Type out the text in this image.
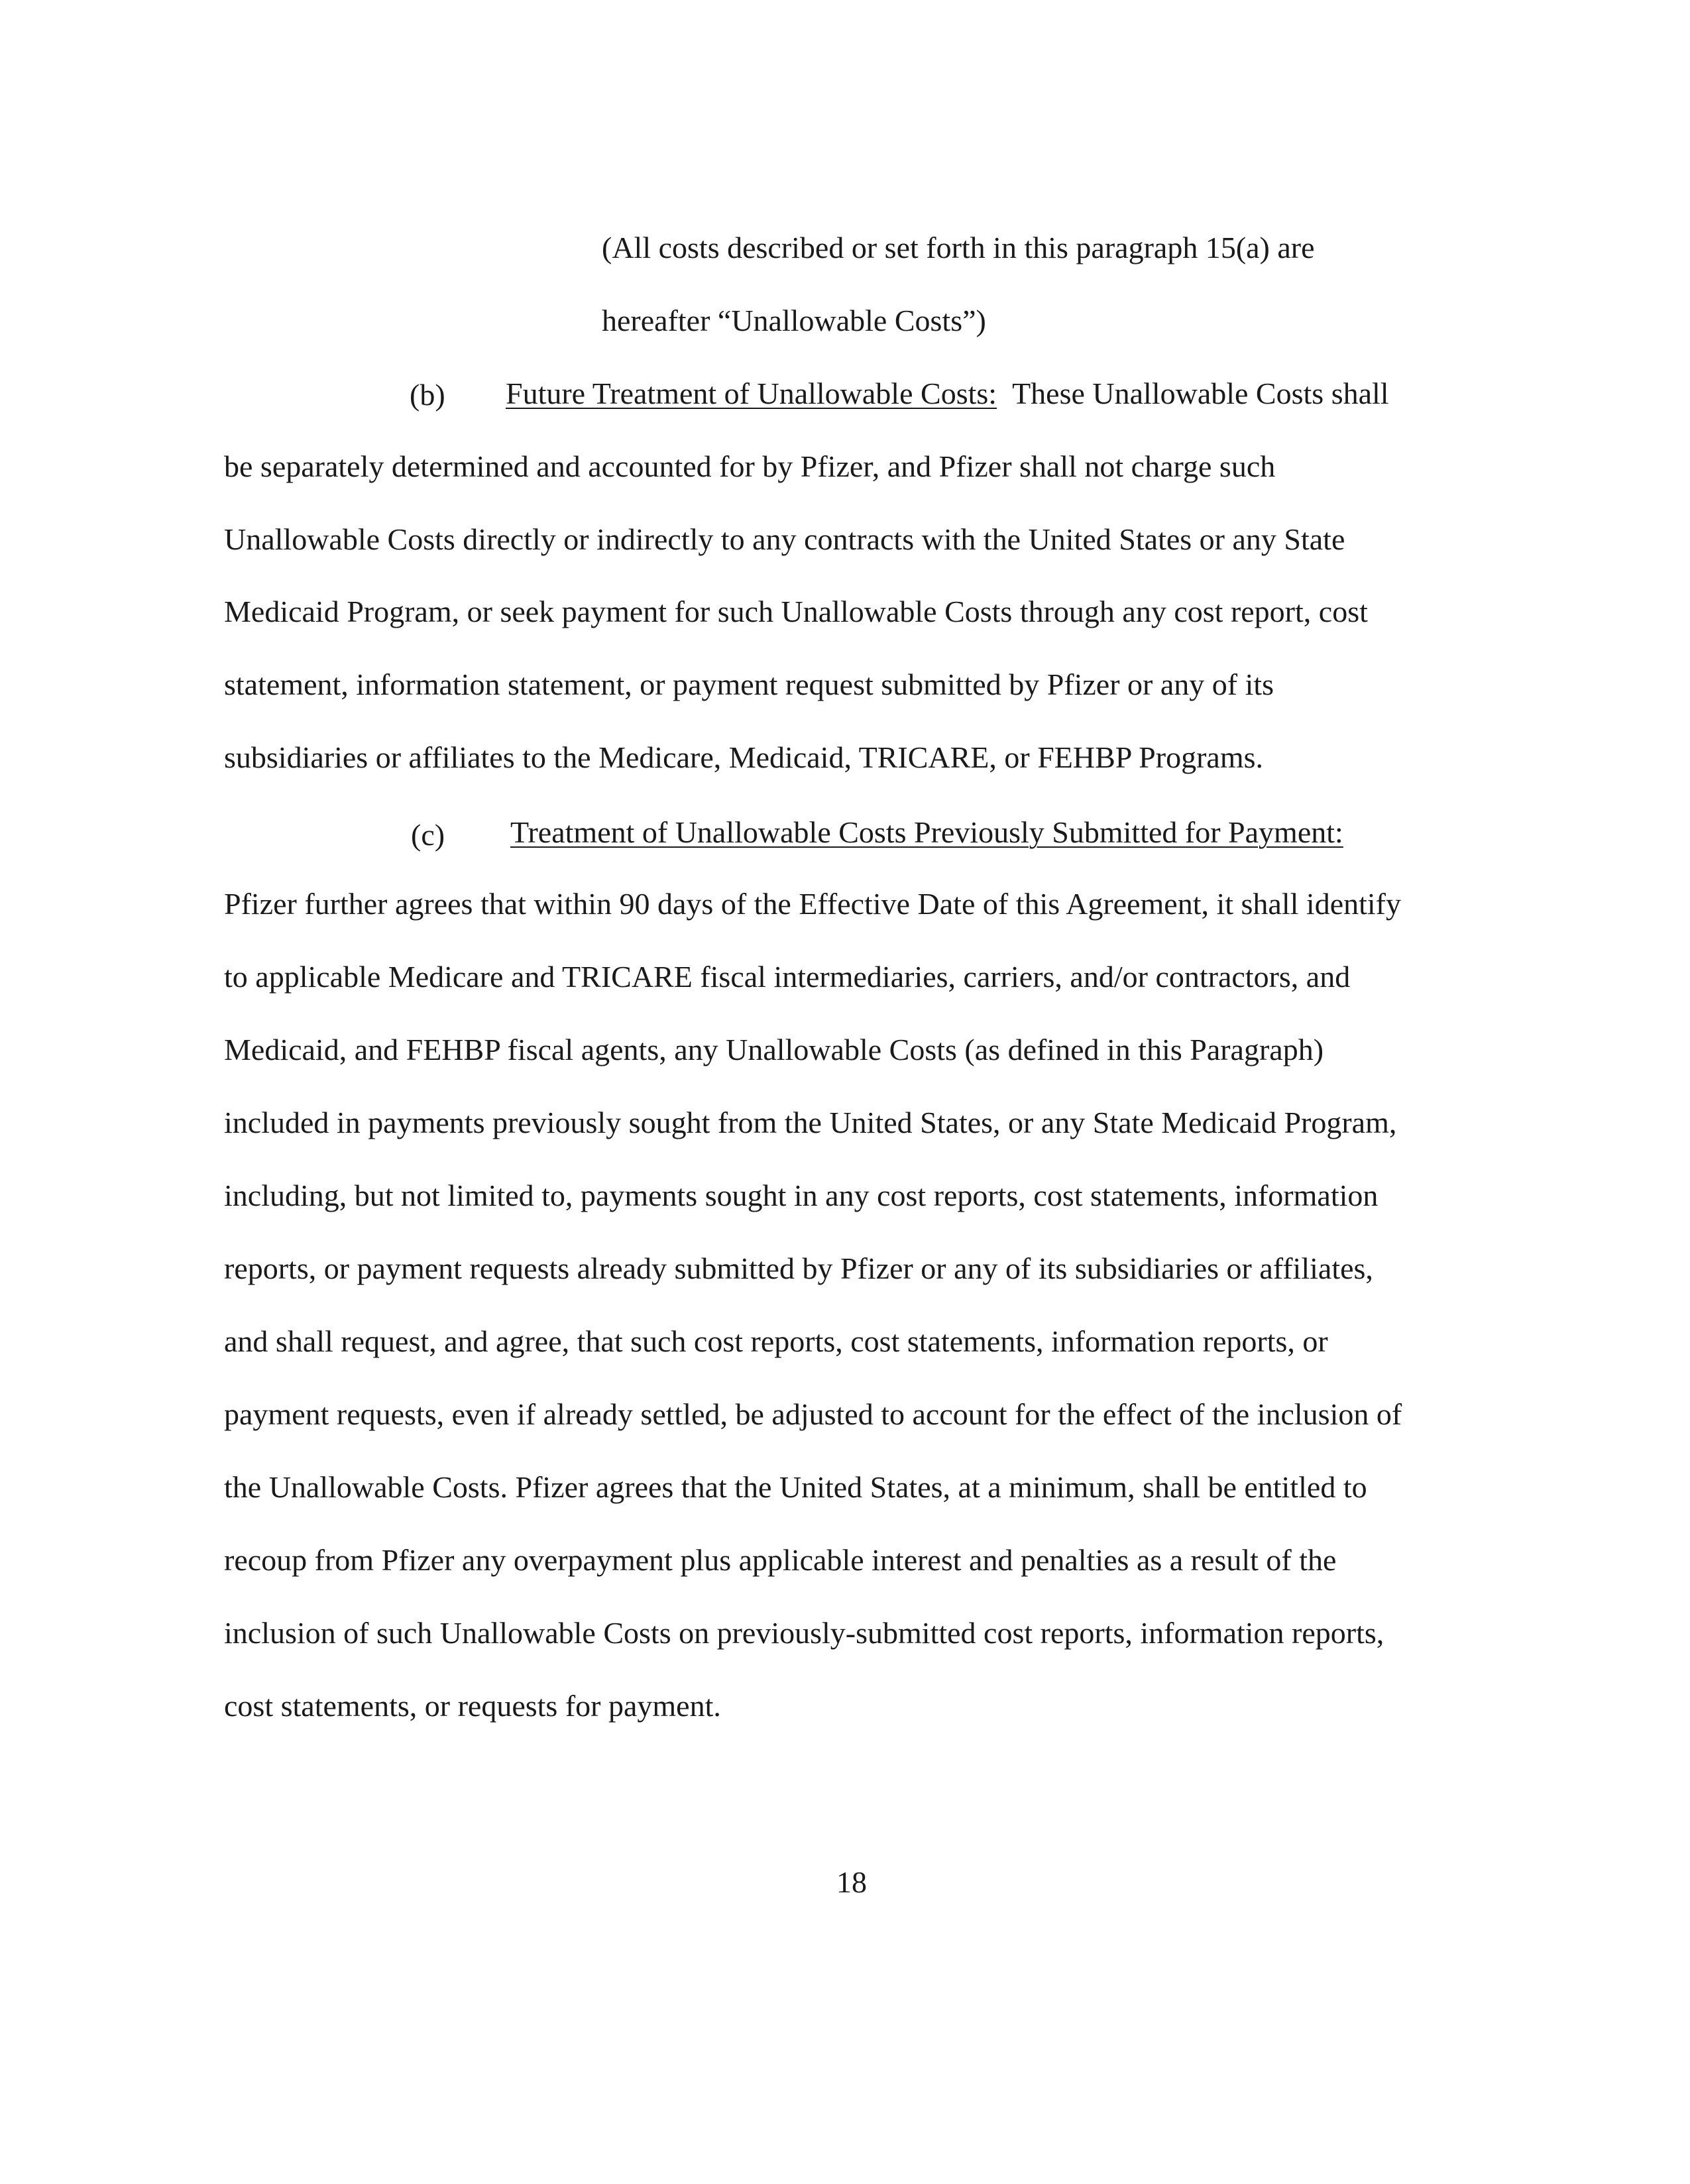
(All costs described or set forth in this paragraph 15(a) are
hereafter “Unallowable Costs”)
(b) Future Treatment of Unallowable Costs: These Unallowable Costs shall
be separately determined and accounted for by Pfizer, and Pfizer shall not charge such
Unallowable Costs directly or indirectly to any contracts with the United States or any State
Medicaid Program, or seek payment for such Unallowable Costs through any cost report, cost
statement, information statement, or payment request submitted by Pfizer or any of its
subsidiaries or affiliates to the Medicare, Medicaid, TRICARE, or FEHBP Programs.
(c) Treatment of Unallowable Costs Previously Submitted for Payment:
Pfizer further agrees that within 90 days of the Effective Date of this Agreement, it shall identify
to applicable Medicare and TRICARE fiscal intermediaries, carriers, and/or contractors, and
Medicaid, and FEHBP fiscal agents, any Unallowable Costs (as defined in this Paragraph)
included in payments previously sought from the United States, or any State Medicaid Program,
including, but not limited to, payments sought in any cost reports, cost statements, information
reports, or payment requests already submitted by Pfizer or any of its subsidiaries or affiliates,
and shall request, and agree, that such cost reports, cost statements, information reports, or
payment requests, even if already settled, be adjusted to account for the effect of the inclusion of
the Unallowable Costs. Pfizer agrees that the United States, at a minimum, shall be entitled to
recoup from Pfizer any overpayment plus applicable interest and penalties as a result of the
inclusion of such Unallowable Costs on previously-submitted cost reports, information reports,
cost statements, or requests for payment.
18
